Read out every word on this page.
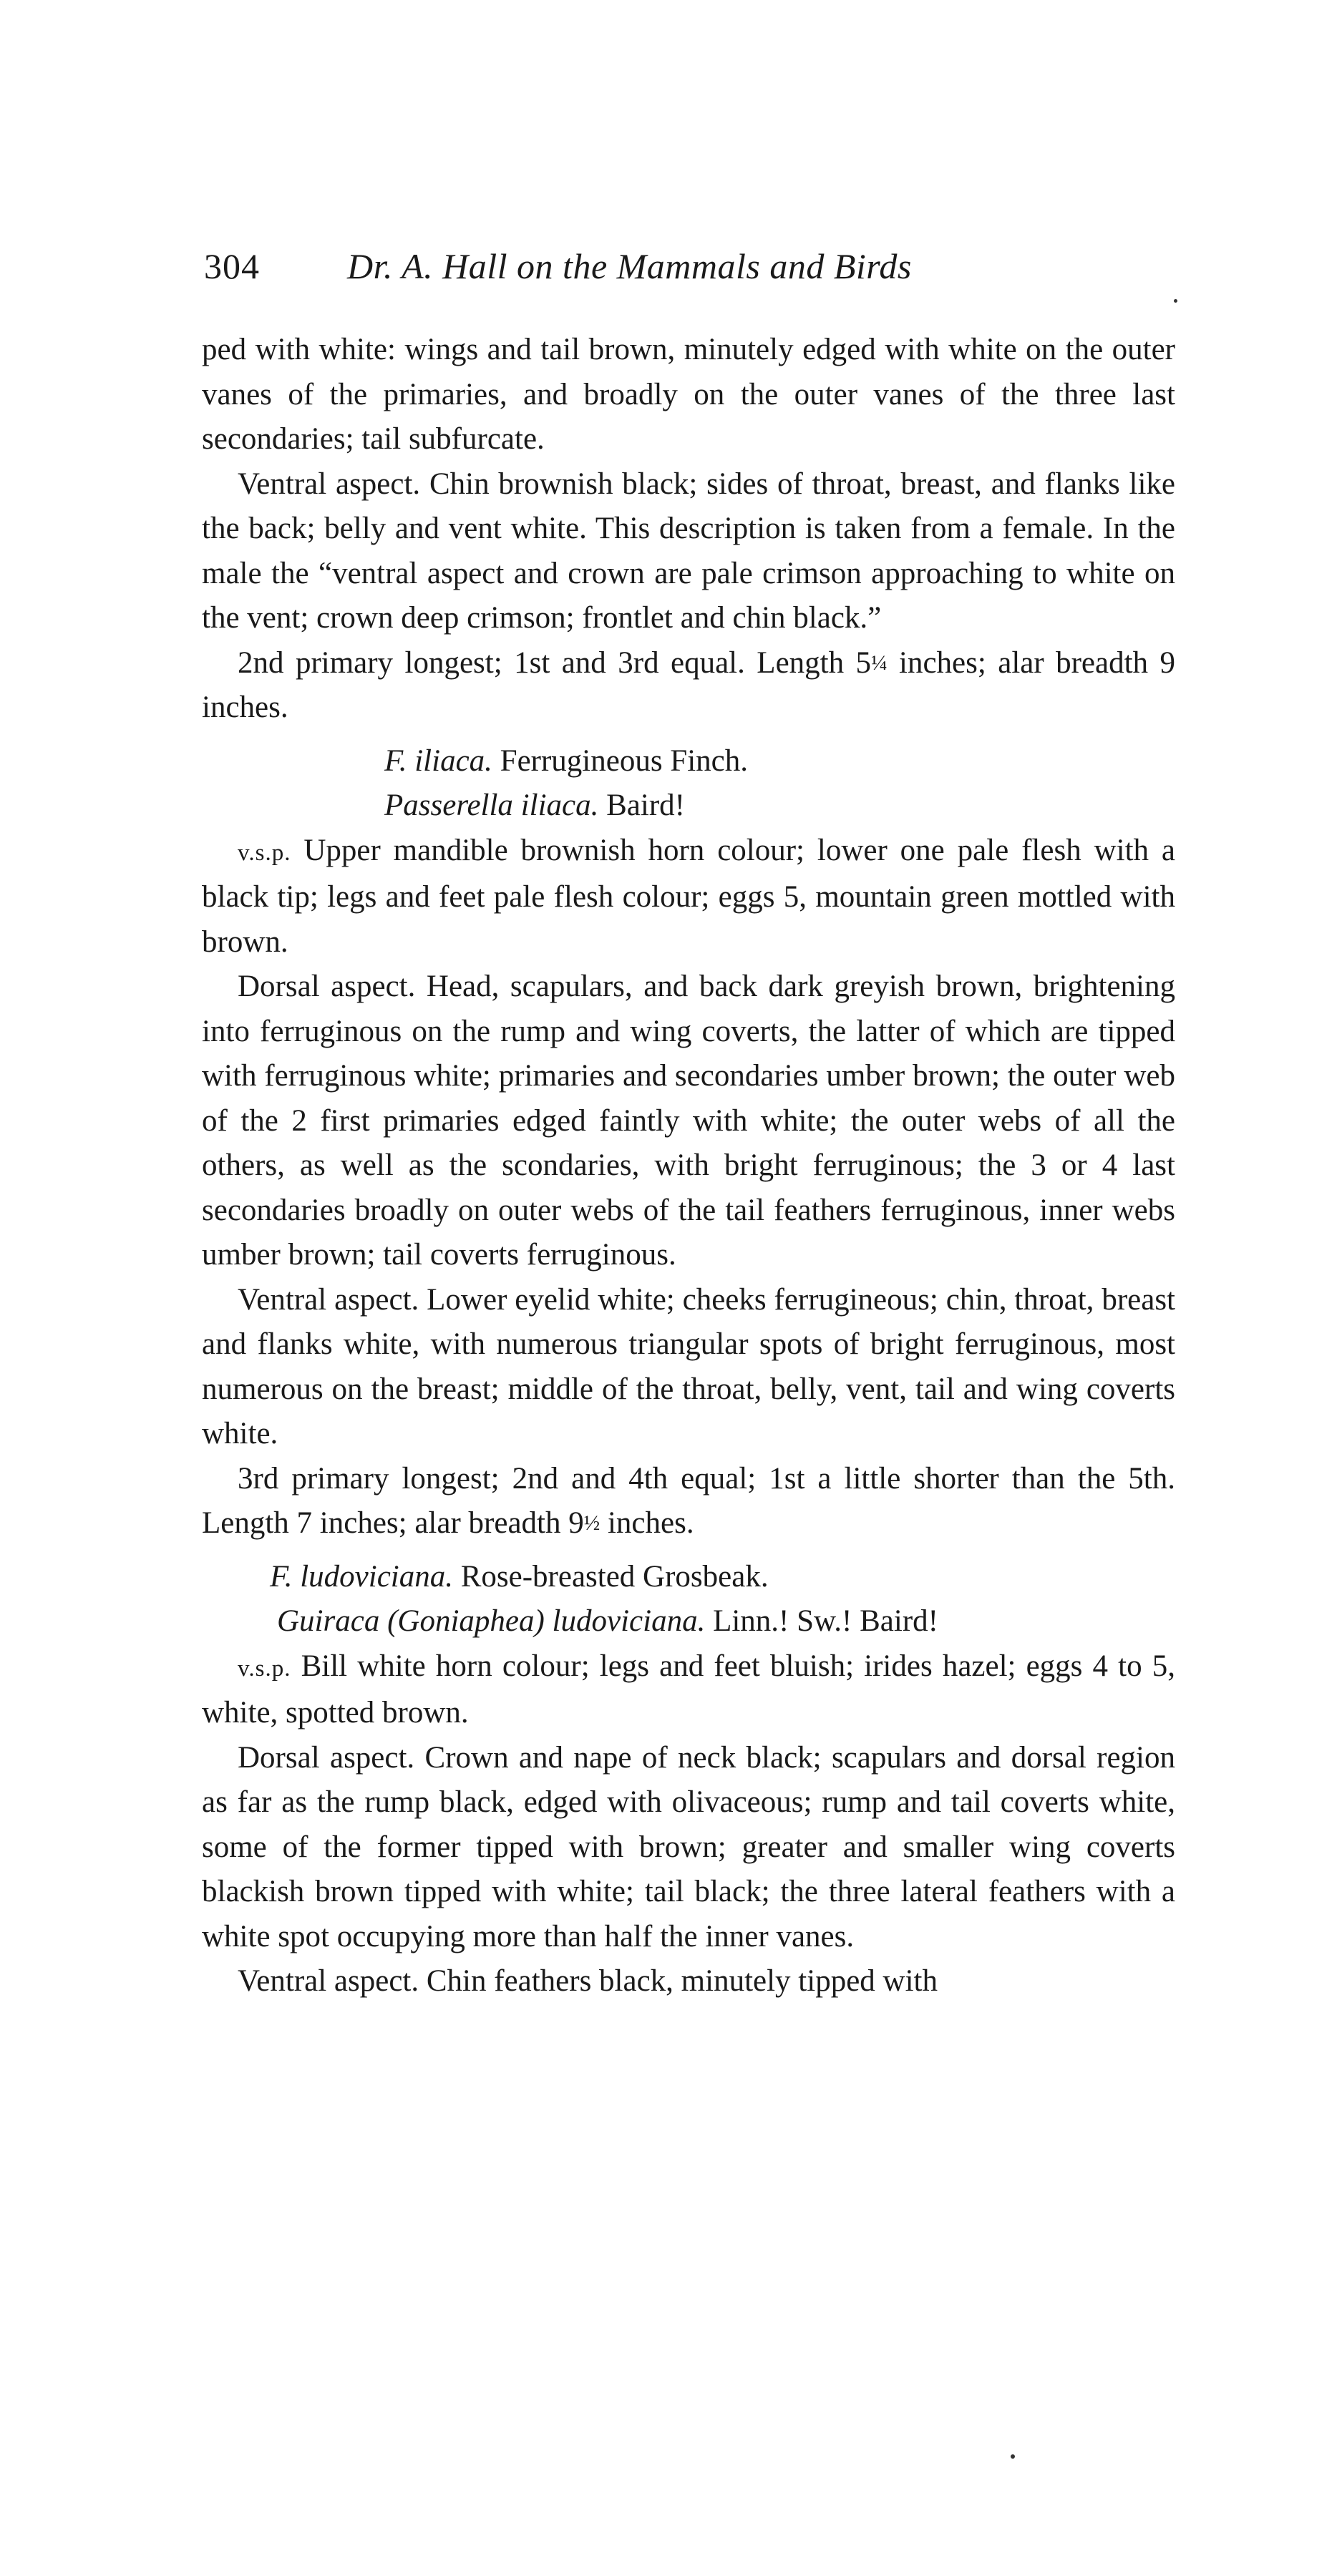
304 Dr. A. Hall on the Mammals and Birds

ped with white: wings and tail brown, minutely edged with white on the outer vanes of the primaries, and broadly on the outer vanes of the three last secondaries; tail subfurcate.

Ventral aspect. Chin brownish black; sides of throat, breast, and flanks like the back; belly and vent white. This description is taken from a female. In the male the “ventral aspect and crown are pale crimson approaching to white on the vent; crown deep crimson; frontlet and chin black.”

2nd primary longest; 1st and 3rd equal. Length 5¼ inches; alar breadth 9 inches.

F. iliaca. Ferrugineous Finch.

Passerella iliaca. Baird!

v.s.p. Upper mandible brownish horn colour; lower one pale flesh with a black tip; legs and feet pale flesh colour; eggs 5, mountain green mottled with brown.

Dorsal aspect. Head, scapulars, and back dark greyish brown, brightening into ferruginous on the rump and wing coverts, the latter of which are tipped with ferruginous white; primaries and secondaries umber brown; the outer web of the 2 first primaries edged faintly with white; the outer webs of all the others, as well as the scondaries, with bright ferruginous; the 3 or 4 last secondaries broadly on outer webs of the tail feathers ferruginous, inner webs umber brown; tail coverts ferruginous.

Ventral aspect. Lower eyelid white; cheeks ferrugineous; chin, throat, breast and flanks white, with numerous triangular spots of bright ferruginous, most numerous on the breast; middle of the throat, belly, vent, tail and wing coverts white.

3rd primary longest; 2nd and 4th equal; 1st a little shorter than the 5th. Length 7 inches; alar breadth 9½ inches.

F. ludoviciana. Rose-breasted Grosbeak.

Guiraca (Goniaphea) ludoviciana. Linn.! Sw.! Baird!

v.s.p. Bill white horn colour; legs and feet bluish; irides hazel; eggs 4 to 5, white, spotted brown.

Dorsal aspect. Crown and nape of neck black; scapulars and dorsal region as far as the rump black, edged with olivaceous; rump and tail coverts white, some of the former tipped with brown; greater and smaller wing coverts blackish brown tipped with white; tail black; the three lateral feathers with a white spot occupying more than half the inner vanes.

Ventral aspect. Chin feathers black, minutely tipped with
